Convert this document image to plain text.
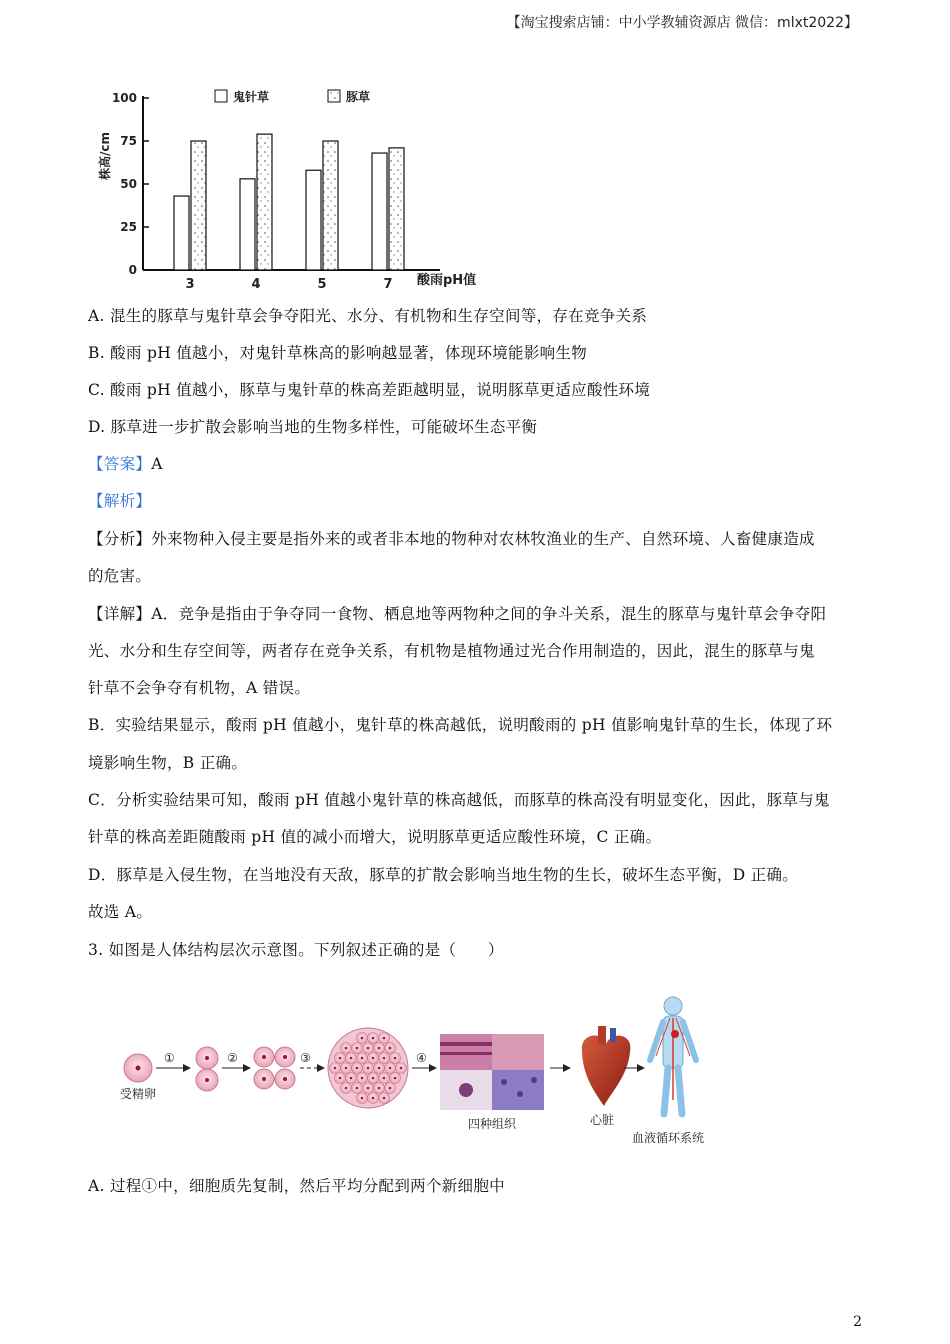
【淘宝搜索店铺：中小学教辅资源店 微信：mlxt2022】
株高/cm
0
25
50
75
100
3	4	5	7 酸雨pH值
鬼针草	豚草
A. 混生的豚草与鬼针草会争夺阳光、水分、有机物和生存空间等，存在竞争关系
B. 酸雨 pH 值越小，对鬼针草株高的影响越显著，体现环境能影响生物
C. 酸雨 pH 值越小，豚草与鬼针草的株高差距越明显，说明豚草更适应酸性环境
D. 豚草进一步扩散会影响当地的生物多样性，可能破坏生态平衡
【答案】A
【解析】
【分析】外来物种入侵主要是指外来的或者非本地的物种对农林牧渔业的生产、自然环境、人畜健康造成
的危害。
【详解】A．竞争是指由于争夺同一食物、栖息地等两物种之间的争斗关系，混生的豚草与鬼针草会争夺阳
光、水分和生存空间等，两者存在竞争关系，有机物是植物通过光合作用制造的，因此，混生的豚草与鬼
针草不会争夺有机物，A 错误。
B．实验结果显示，酸雨 pH 值越小，鬼针草的株高越低，说明酸雨的 pH 值影响鬼针草的生长，体现了环
境影响生物，B 正确。
C．分析实验结果可知，酸雨 pH 值越小鬼针草的株高越低，而豚草的株高没有明显变化，因此，豚草与鬼
针草的株高差距随酸雨 pH 值的减小而增大，说明豚草更适应酸性环境，C 正确。
D．豚草是入侵生物，在当地没有天敌，豚草的扩散会影响当地生物的生长，破坏生态平衡，D 正确。
故选 A。
3. 如图是人体结构层次示意图。下列叙述正确的是（　　）
受精卵
①	②	③	④
四种组织	心脏
血液循环系统
A. 过程①中，细胞质先复制，然后平均分配到两个新细胞中
2
